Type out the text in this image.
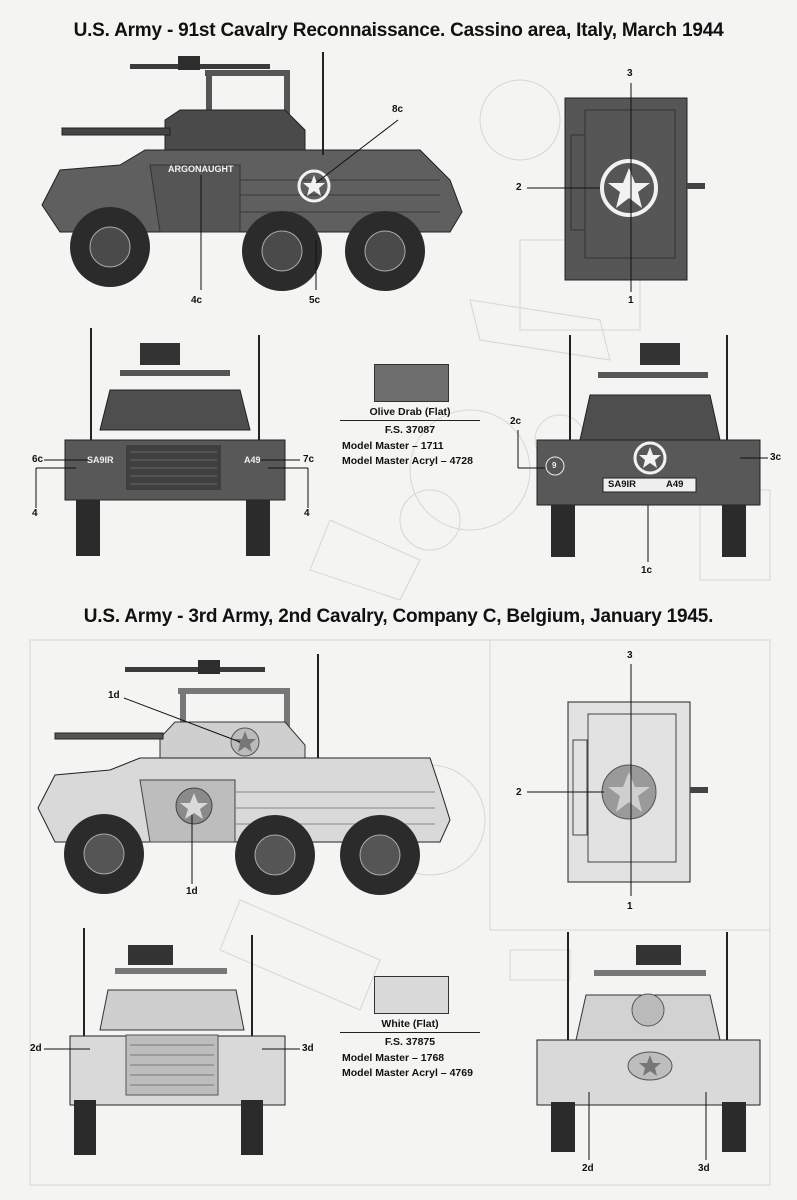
U.S. Army - 91st Cavalry Reconnaissance. Cassino area, Italy, March 1944
ARGONAUGHT
8c
4c	5c
3
2
1
SA9IR	A49
6c	7c
4	4
Olive Drab (Flat)
F.S. 37087
Model Master – 1711
Model Master Acryl – 4728
SA9IR	A49
9
2c
3c
1c
U.S. Army - 3rd Army, 2nd Cavalry, Company C, Belgium, January 1945.
1d
1d
3
2
1
2d	3d
White (Flat)
F.S. 37875
Model Master – 1768
Model Master Acryl – 4769
2d	3d
